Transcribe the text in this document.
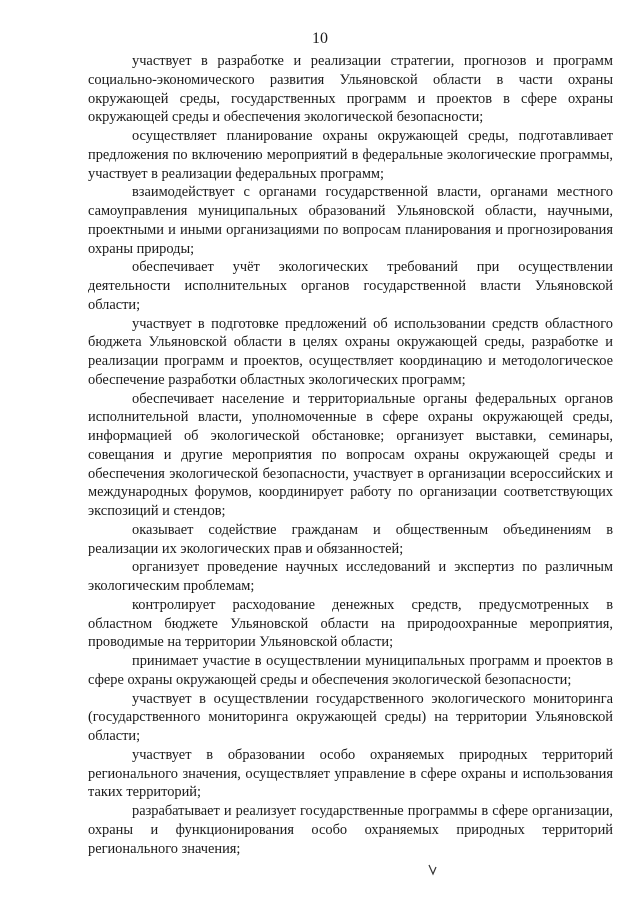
10

участвует в разработке и реализации стратегии, прогнозов и программ социально-экономического развития Ульяновской области в части охраны окружающей среды, государственных программ и проектов в сфере охраны окружающей среды и обеспечения экологической безопасности;

осуществляет планирование охраны окружающей среды, подготавливает предложения по включению мероприятий в федеральные экологические программы, участвует в реализации федеральных программ;

взаимодействует с органами государственной власти, органами местного самоуправления муниципальных образований Ульяновской области, научными, проектными и иными организациями по вопросам планирования и прогнозирования охраны природы;

обеспечивает учёт экологических требований при осуществлении деятельности исполнительных органов государственной власти Ульяновской области;

участвует в подготовке предложений об использовании средств областного бюджета Ульяновской области в целях охраны окружающей среды, разработке и реализации программ и проектов, осуществляет координацию и методологическое обеспечение разработки областных экологических программ;

обеспечивает население и территориальные органы федеральных органов исполнительной власти, уполномоченные в сфере охраны окружающей среды, информацией об экологической обстановке; организует выставки, семинары, совещания и другие мероприятия по вопросам охраны окружающей среды и обеспечения экологической безопасности, участвует в организации всероссийских и международных форумов, координирует работу по организации соответствующих экспозиций и стендов;

оказывает содействие гражданам и общественным объединениям в реализации их экологических прав и обязанностей;

организует проведение научных исследований и экспертиз по различным экологическим проблемам;

контролирует расходование денежных средств, предусмотренных в областном бюджете Ульяновской области на природоохранные мероприятия, проводимые на территории Ульяновской области;

принимает участие в осуществлении муниципальных программ и проектов в сфере охраны окружающей среды и обеспечения экологической безопасности;

участвует в осуществлении государственного экологического мониторинга (государственного мониторинга окружающей среды) на территории Ульяновской области;

участвует в образовании особо охраняемых природных территорий регионального значения, осуществляет управление в сфере охраны и использования таких территорий;

разрабатывает и реализует государственные программы в сфере организации, охраны и функционирования особо охраняемых природных территорий регионального значения;
